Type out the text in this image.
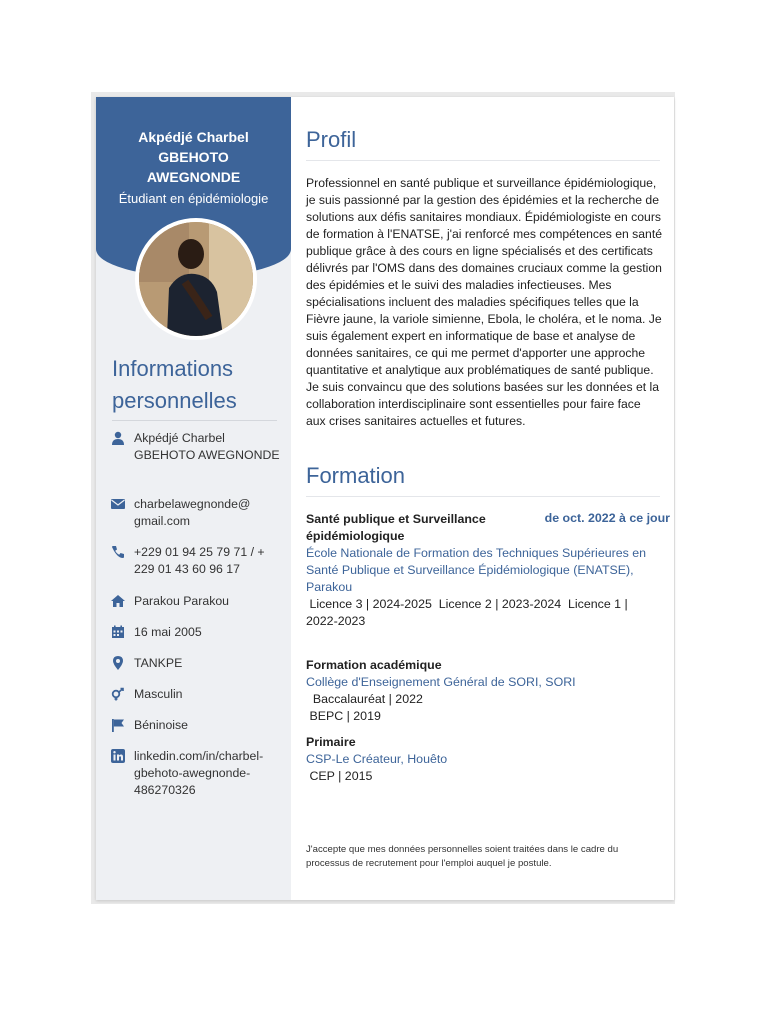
Akpédjé Charbel
GBEHOTO
AWEGNONDE
Étudiant en épidémiologie
Informations personnelles
Akpédjé Charbel GBEHOTO AWEGNONDE
charbelawegnonde@ gmail.com
+229 01 94 25 79 71 / + 229 01 43 60 96 17
Parakou Parakou
16 mai 2005
TANKPE
Masculin
Béninoise
linkedin.com/in/charbel-gbehoto-awegnonde-486270326
Profil
Professionnel en santé publique et surveillance épidémiologique, je suis passionné par la gestion des épidémies et la recherche de solutions aux défis sanitaires mondiaux. Épidémiologiste en cours de formation à l'ENATSE, j'ai renforcé mes compétences en santé publique grâce à des cours en ligne spécialisés et des certificats délivrés par l'OMS dans des domaines cruciaux comme la gestion des épidémies et le suivi des maladies infectieuses. Mes spécialisations incluent des maladies spécifiques telles que la Fièvre jaune, la variole simienne, Ebola, le choléra, et le noma. Je suis également expert en informatique de base et analyse de données sanitaires, ce qui me permet d'apporter une approche quantitative et analytique aux problématiques de santé publique. Je suis convaincu que des solutions basées sur les données et la collaboration interdisciplinaire sont essentielles pour faire face aux crises sanitaires actuelles et futures.
Formation
Santé publique et Surveillance épidémiologique
de oct. 2022 à ce jour
École Nationale de Formation des Techniques Supérieures en Santé Publique et Surveillance Épidémiologique (ENATSE), Parakou
Licence 3 | 2024-2025  Licence 2 | 2023-2024  Licence 1 | 2022-2023
Formation académique
Collège d'Enseignement Général de SORI, SORI
Baccalauréat | 2022
BEPC | 2019
Primaire
CSP-Le Créateur, Houêto
CEP | 2015
J'accepte que mes données personnelles soient traitées dans le cadre du processus de recrutement pour l'emploi auquel je postule.
